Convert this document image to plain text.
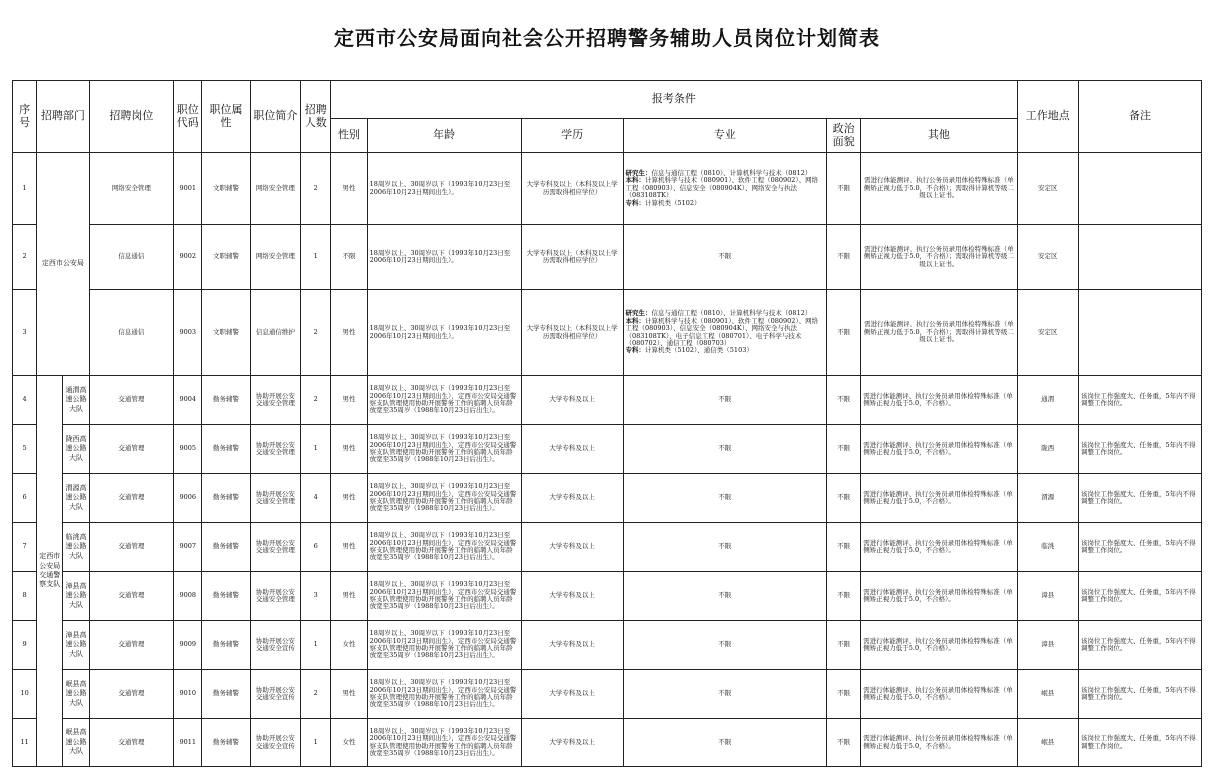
定西市公安局面向社会公开招聘警务辅助人员岗位计划简表
序号	招聘部门		招聘岗位	职位代码	职位属性	职位简介	招聘人数	报考条件						工作地点	备注
								性别	年龄	学历	专业	政治面貌	其他		
1	定西市公安局		网络安全管理	9001	文职辅警	网络安全管理	2	男性	18周岁以上、30周岁以下（1993年10月23日至2006年10月23日期间出生）。	大学专科及以上（本科及以上学历需取得相应学位）	研究生：信息与通信工程（0810）、计算机科学与技术（0812）
本科：计算机科学与技术（080901）、软件工程（080902）、网络工程（080903）、信息安全（080904K）、网络安全与执法（083108TK）
专科：计算机类（5102）	不限	需进行体能测评、执行公务员录用体检特殊标准（单侧矫正视力低于5.0，不合格）；需取得计算机等级二级以上证书。	安定区	
2			信息通信	9002	文职辅警	网络安全管理	1	不限	18周岁以上、30周岁以下（1993年10月23日至2006年10月23日期间出生）。	大学专科及以上（本科及以上学历需取得相应学位）	不限	不限	需进行体能测评、执行公务员录用体检特殊标准（单侧矫正视力低于5.0，不合格）；需取得计算机等级二级以上证书。	安定区	
3			信息通信	9003	文职辅警	信息通信维护	2	男性	18周岁以上、30周岁以下（1993年10月23日至2006年10月23日期间出生）。	大学专科及以上（本科及以上学历需取得相应学位）	研究生：信息与通信工程（0810）、计算机科学与技术（0812）
本科：计算机科学与技术（080901）、软件工程（080902）、网络工程（080903）、信息安全（080904K）、网络安全与执法（083108TK）、电子信息工程（080701）、电子科学与技术（080702）、通信工程（080703）
专科：计算机类（5102）、通信类（5103）	不限	需进行体能测评、执行公务员录用体检特殊标准（单侧矫正视力低于5.0，不合格）；需取得计算机等级二级以上证书。	安定区	
4	定西市公安局交通警察支队	通渭高速公路大队	交通管理	9004	勤务辅警	协助开展公安交通安全管理	2	男性	18周岁以上、30周岁以下（1993年10月23日至2006年10月23日期间出生），定西市公安局交通警察支队管理使用协助开展警务工作的临聘人员年龄放宽至35周岁（1988年10月23日后出生）。	大学专科及以上	不限	不限	需进行体能测评、执行公务员录用体检特殊标准（单侧矫正视力低于5.0，不合格）。	通渭	该岗位工作强度大、任务重，5年内不得调整工作岗位。
5		陇西高速公路大队	交通管理	9005	勤务辅警	协助开展公安交通安全管理	1	男性	18周岁以上、30周岁以下（1993年10月23日至2006年10月23日期间出生），定西市公安局交通警察支队管理使用协助开展警务工作的临聘人员年龄放宽至35周岁（1988年10月23日后出生）。	大学专科及以上	不限	不限	需进行体能测评、执行公务员录用体检特殊标准（单侧矫正视力低于5.0，不合格）。	陇西	该岗位工作强度大、任务重，5年内不得调整工作岗位。
6		渭源高速公路大队	交通管理	9006	勤务辅警	协助开展公安交通安全管理	4	男性	18周岁以上、30周岁以下（1993年10月23日至2006年10月23日期间出生），定西市公安局交通警察支队管理使用协助开展警务工作的临聘人员年龄放宽至35周岁（1988年10月23日后出生）。	大学专科及以上	不限	不限	需进行体能测评、执行公务员录用体检特殊标准（单侧矫正视力低于5.0，不合格）。	渭源	该岗位工作强度大、任务重，5年内不得调整工作岗位。
7		临洮高速公路大队	交通管理	9007	勤务辅警	协助开展公安交通安全管理	6	男性	18周岁以上、30周岁以下（1993年10月23日至2006年10月23日期间出生），定西市公安局交通警察支队管理使用协助开展警务工作的临聘人员年龄放宽至35周岁（1988年10月23日后出生）。	大学专科及以上	不限	不限	需进行体能测评、执行公务员录用体检特殊标准（单侧矫正视力低于5.0，不合格）。	临洮	该岗位工作强度大、任务重，5年内不得调整工作岗位。
8		漳县高速公路大队	交通管理	9008	勤务辅警	协助开展公安交通安全管理	3	男性	18周岁以上、30周岁以下（1993年10月23日至2006年10月23日期间出生），定西市公安局交通警察支队管理使用协助开展警务工作的临聘人员年龄放宽至35周岁（1988年10月23日后出生）。	大学专科及以上	不限	不限	需进行体能测评、执行公务员录用体检特殊标准（单侧矫正视力低于5.0，不合格）。	漳县	该岗位工作强度大、任务重，5年内不得调整工作岗位。
9		漳县高速公路大队	交通管理	9009	勤务辅警	协助开展公安交通安全宣传	1	女性	18周岁以上、30周岁以下（1993年10月23日至2006年10月23日期间出生），定西市公安局交通警察支队管理使用协助开展警务工作的临聘人员年龄放宽至35周岁（1988年10月23日后出生）。	大学专科及以上	不限	不限	需进行体能测评、执行公务员录用体检特殊标准（单侧矫正视力低于5.0，不合格）。	漳县	该岗位工作强度大、任务重，5年内不得调整工作岗位。
10		岷县高速公路大队	交通管理	9010	勤务辅警	协助开展公安交通安全宣传	2	男性	18周岁以上、30周岁以下（1993年10月23日至2006年10月23日期间出生），定西市公安局交通警察支队管理使用协助开展警务工作的临聘人员年龄放宽至35周岁（1988年10月23日后出生）。	大学专科及以上	不限	不限	需进行体能测评、执行公务员录用体检特殊标准（单侧矫正视力低于5.0，不合格）。	岷县	该岗位工作强度大、任务重，5年内不得调整工作岗位。
11		岷县高速公路大队	交通管理	9011	勤务辅警	协助开展公安交通安全宣传	1	女性	18周岁以上、30周岁以下（1993年10月23日至2006年10月23日期间出生），定西市公安局交通警察支队管理使用协助开展警务工作的临聘人员年龄放宽至35周岁（1988年10月23日后出生）。	大学专科及以上	不限	不限	需进行体能测评、执行公务员录用体检特殊标准（单侧矫正视力低于5.0，不合格）。	岷县	该岗位工作强度大、任务重，5年内不得调整工作岗位。
